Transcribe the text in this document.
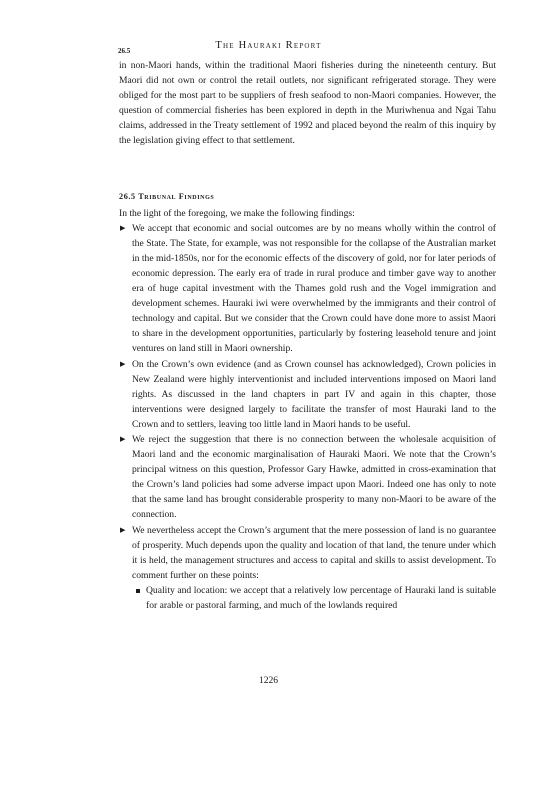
The Hauraki Report
26.5

in non-Maori hands, within the traditional Maori fisheries during the nineteenth century. But Maori did not own or control the retail outlets, nor significant refrigerated storage. They were obliged for the most part to be suppliers of fresh seafood to non-Maori companies. However, the question of commercial fisheries has been explored in depth in the Muriwhenua and Ngai Tahu claims, addressed in the Treaty settlement of 1992 and placed beyond the realm of this inquiry by the legislation giving effect to that settlement.

26.5 Tribunal Findings

In the light of the foregoing, we make the following findings:

▶ We accept that economic and social outcomes are by no means wholly within the control of the State. The State, for example, was not responsible for the collapse of the Australian market in the mid-1850s, nor for the economic effects of the discovery of gold, nor for later periods of economic depression. The early era of trade in rural produce and timber gave way to another era of huge capital investment with the Thames gold rush and the Vogel immigration and development schemes. Hauraki iwi were overwhelmed by the immigrants and their control of technology and capital. But we consider that the Crown could have done more to assist Maori to share in the development opportunities, particularly by fostering leasehold tenure and joint ventures on land still in Maori ownership.
▶ On the Crown’s own evidence (and as Crown counsel has acknowledged), Crown policies in New Zealand were highly interventionist and included interventions imposed on Maori land rights. As discussed in the land chapters in part IV and again in this chapter, those interventions were designed largely to facilitate the transfer of most Hauraki land to the Crown and to settlers, leaving too little land in Maori hands to be useful.
▶ We reject the suggestion that there is no connection between the wholesale acquisition of Maori land and the economic marginalisation of Hauraki Maori. We note that the Crown’s principal witness on this question, Professor Gary Hawke, admitted in cross-examination that the Crown’s land policies had some adverse impact upon Maori. Indeed one has only to note that the same land has brought considerable prosperity to many non-Maori to be aware of the connection.
▶ We nevertheless accept the Crown’s argument that the mere possession of land is no guarantee of prosperity. Much depends upon the quality and location of that land, the tenure under which it is held, the management structures and access to capital and skills to assist development. To comment further on these points:
Quality and location: we accept that a relatively low percentage of Hauraki land is suitable for arable or pastoral farming, and much of the lowlands required
1226
